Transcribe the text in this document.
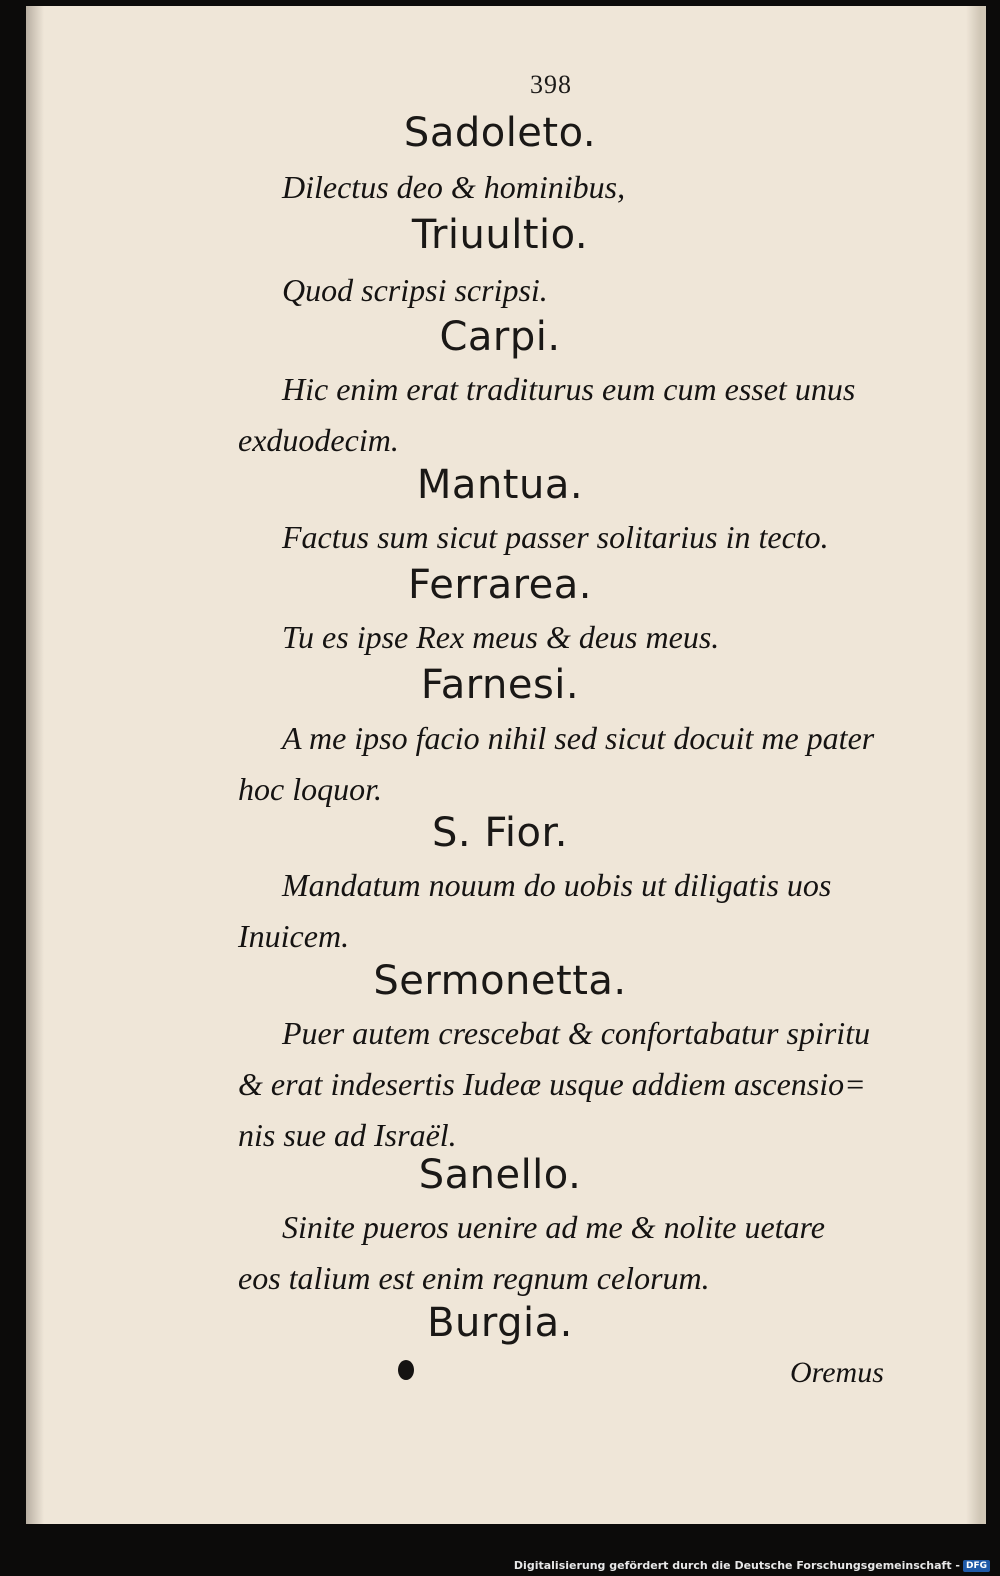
398
Sadoleto.
Dilectus deo & hominibus,
Triuultio.
Quod scripsi scripsi.
Carpi.
Hic enim erat traditurus eum cum esset unus
exduodecim.
Mantua.
Factus sum sicut passer solitarius in tecto.
Ferrarea.
Tu es ipse Rex meus & deus meus.
Farnesi.
A me ipso facio nihil sed sicut docuit me pater
hoc loquor.
S. Fior.
Mandatum nouum do uobis ut diligatis uos
Inuicem.
Sermonetta.
Puer autem crescebat & confortabatur spiritu
& erat indesertis Iudeæ usque addiem ascensio=
nis sue ad Israël.
Sanello.
Sinite pueros uenire ad me & nolite uetare
eos talium est enim regnum celorum.
Burgia.
Oremus
Digitalisierung gefördert durch die Deutsche Forschungsgemeinschaft - DFG
